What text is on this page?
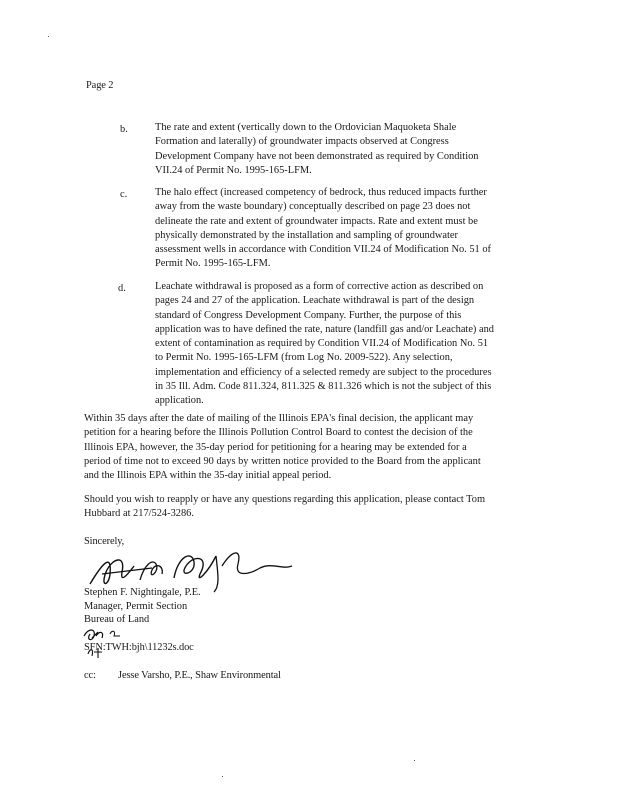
Page 2
b.	The rate and extent (vertically down to the Ordovician Maquoketa Shale
Formation and laterally) of groundwater impacts observed at Congress
Development Company have not been demonstrated as required by Condition
VII.24 of Permit No. 1995-165-LFM.
c.	The halo effect (increased competency of bedrock, thus reduced impacts further
away from the waste boundary) conceptually described on page 23 does not
delineate the rate and extent of groundwater impacts. Rate and extent must be
physically demonstrated by the installation and sampling of groundwater
assessment wells in accordance with Condition VII.24 of Modification No. 51 of
Permit No. 1995-165-LFM.
d.	Leachate withdrawal is proposed as a form of corrective action as described on
pages 24 and 27 of the application. Leachate withdrawal is part of the design
standard of Congress Development Company. Further, the purpose of this
application was to have defined the rate, nature (landfill gas and/or Leachate) and
extent of contamination as required by Condition VII.24 of Modification No. 51
to Permit No. 1995-165-LFM (from Log No. 2009-522). Any selection,
implementation and efficiency of a selected remedy are subject to the procedures
in 35 Ill. Adm. Code 811.324, 811.325 & 811.326 which is not the subject of this
application.
Within 35 days after the date of mailing of the Illinois EPA's final decision, the applicant may
petition for a hearing before the Illinois Pollution Control Board to contest the decision of the
Illinois EPA, however, the 35-day period for petitioning for a hearing may be extended for a
period of time not to exceed 90 days by written notice provided to the Board from the applicant
and the Illinois EPA within the 35-day initial appeal period.
Should you wish to reapply or have any questions regarding this application, please contact Tom
Hubbard at 217/524-3286.
Sincerely,
Stephen F. Nightingale, P.E.
Manager, Permit Section
Bureau of Land
SFN:TWH:bjh\11232s.doc
cc: Jesse Varsho, P.E., Shaw Environmental
